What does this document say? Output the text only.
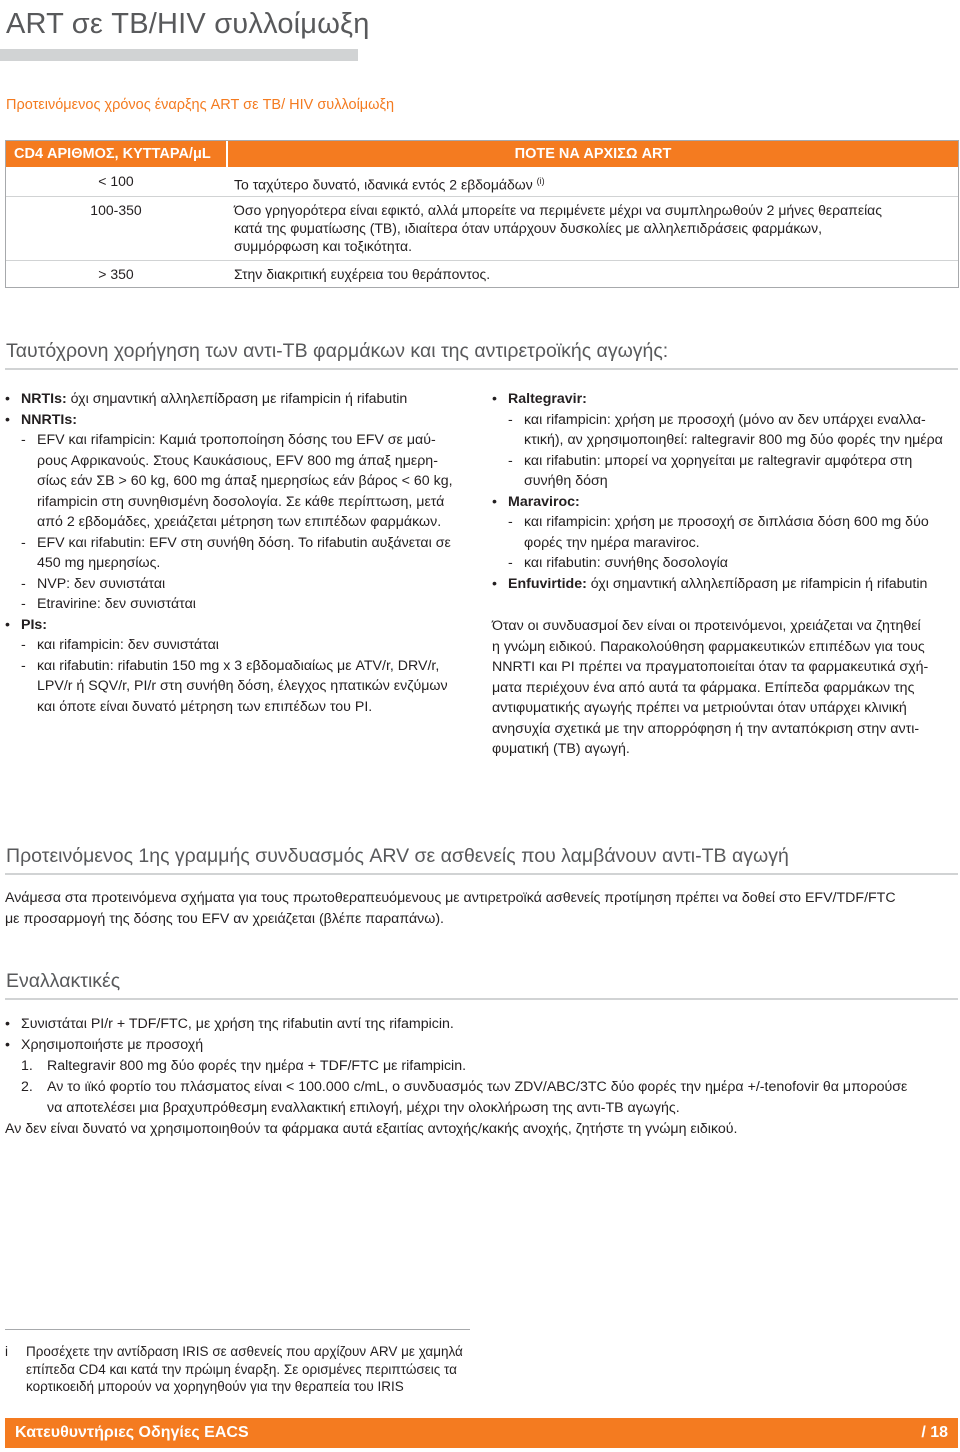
ART σε TB/HIV συλλοίμωξη
Προτεινόμενος χρόνος έναρξης ART σε TB/ HIV συλλοίμωξη
CD4 ΑΡΙΘΜΟΣ, ΚΥΤΤΑΡΑ/μL	ΠΟΤΕ ΝΑ ΑΡΧΙΣΩ ART
< 100	Το ταχύτερο δυνατό, ιδανικά εντός 2 εβδομάδων $^{(i)}$
100-350	Όσο γρηγορότερα είναι εφικτό, αλλά μπορείτε να περιμένετε μέχρι να συμπληρωθούν 2 μήνες θεραπείας
κατά της φυματίωσης (TB), ιδιαίτερα όταν υπάρχουν δυσκολίες με αλληλεπιδράσεις φαρμάκων,
συμμόρφωση και τοξικότητα.
> 350	Στην διακριτική ευχέρεια του θεράποντος.
Ταυτόχρονη χορήγηση των αντι-TB φαρμάκων και της αντιρετροϊκής αγωγής:
• NRTIs: όχι σημαντική αλληλεπίδραση με rifampicin ή rifabutin
• NNRTIs:
- EFV και rifampicin: Καμιά τροποποίηση δόσης του EFV σε μαύ-
ρους Αφρικανούς. Στους Καυκάσιους, EFV 800 mg άπαξ ημερη-
σίως εάν ΣΒ > 60 kg, 600 mg άπαξ ημερησίως εάν βάρος < 60 kg,
rifampicin στη συνηθισμένη δοσολογία. Σε κάθε περίπτωση, μετά
από 2 εβδομάδες, χρειάζεται μέτρηση των επιπέδων φαρμάκων.
- EFV και rifabutin: EFV στη συνήθη δόση. Το rifabutin αυξάνεται σε
450 mg ημερησίως.
- NVP: δεν συνιστάται
- Etravirine: δεν συνιστάται
• PIs:
- και rifampicin: δεν συνιστάται
- και rifabutin: rifabutin 150 mg x 3 εβδομαδιαίως με ATV/r, DRV/r,
LPV/r ή SQV/r, PI/r στη συνήθη δόση, έλεγχος ηπατικών ενζύμων
και όποτε είναι δυνατό μέτρηση των επιπέδων του PI.
• Raltegravir:
- και rifampicin: χρήση με προσοχή (μόνο αν δεν υπάρχει εναλλα-
κτική), αν χρησιμοποιηθεί: raltegravir 800 mg δύο φορές την ημέρα
- και rifabutin: μπορεί να χορηγείται με raltegravir αμφότερα στη
συνήθη δόση
• Maraviroc:
- και rifampicin: χρήση με προσοχή σε διπλάσια δόση 600 mg δύο
φορές την ημέρα maraviroc.
- και rifabutin: συνήθης δοσολογία
• Enfuvirtide: όχι σημαντική αλληλεπίδραση με rifampicin ή rifabutin
Όταν οι συνδυασμοί δεν είναι οι προτεινόμενοι, χρειάζεται να ζητηθεί
η γνώμη ειδικού. Παρακολούθηση φαρμακευτικών επιπέδων για τους
NNRTI και PI πρέπει να πραγματοποιείται όταν τα φαρμακευτικά σχή-
ματα περιέχουν ένα από αυτά τα φάρμακα. Επίπεδα φαρμάκων της
αντιφυματικής αγωγής πρέπει να μετριούνται όταν υπάρχει κλινική
ανησυχία σχετικά με την απορρόφηση ή την ανταπόκριση στην αντι-
φυματική (TB) αγωγή.
Προτεινόμενος 1ης γραμμής συνδυασμός ARV σε ασθενείς που λαμβάνουν αντι-TB αγωγή
Ανάμεσα στα προτεινόμενα σχήματα για τους πρωτοθεραπευόμενους με αντιρετροϊκά ασθενείς προτίμηση πρέπει να δοθεί στο EFV/TDF/FTC
με προσαρμογή της δόσης του EFV αν χρειάζεται (βλέπε παραπάνω).
Εναλλακτικές
• Συνιστάται PI/r + TDF/FTC, με χρήση της rifabutin αντί της rifampicin.
• Χρησιμοποιήστε με προσοχή
1. Raltegravir 800 mg δύο φορές την ημέρα + TDF/FTC με rifampicin.
2. Αν το ιϊκό φορτίο του πλάσματος είναι < 100.000 c/mL, ο συνδυασμός των ZDV/ABC/3TC δύο φορές την ημέρα +/-tenofovir θα μπορούσε
να αποτελέσει μια βραχυπρόθεσμη εναλλακτική επιλογή, μέχρι την ολοκλήρωση της αντι-TB αγωγής.
Αν δεν είναι δυνατό να χρησιμοποιηθούν τα φάρμακα αυτά εξαιτίας αντοχής/κακής ανοχής, ζητήστε τη γνώμη ειδικού.
i Προσέχετε την αντίδραση IRIS σε ασθενείς που αρχίζουν ARV με χαμηλά
επίπεδα CD4 και κατά την πρώιμη έναρξη. Σε ορισμένες περιπτώσεις τα
κορτικοειδή μπορούν να χορηγηθούν για την θεραπεία του IRIS
Κατευθυντήριες Οδηγίες EACS	/ 18
